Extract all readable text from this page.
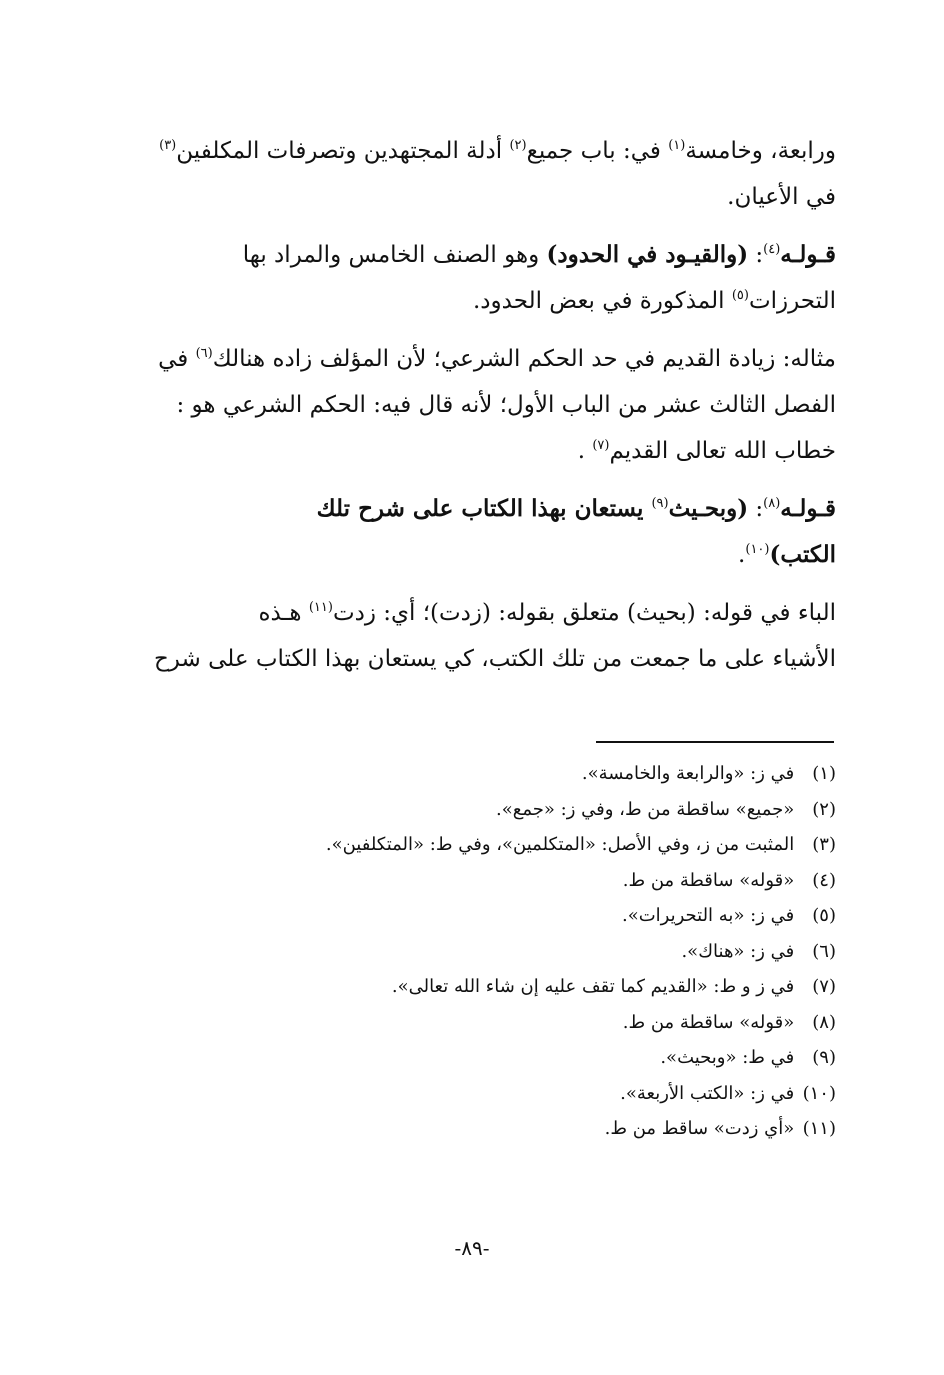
ورابعة، وخامسة$^{(١)}$ في: باب جميع$^{(٢)}$ أدلة المجتهدين وتصرفات المكلفين$^{(٣)}$
في الأعيان.

قـولـه$^{(٤)}$: (والقيـود في الحدود) وهو الصنف الخامس والمراد بها
التحرزات$^{(٥)}$ المذكورة في بعض الحدود.

مثاله: زيادة القديم في حد الحكم الشرعي؛ لأن المؤلف زاده هنالك$^{(٦)}$ في
الفصل الثالث عشر من الباب الأول؛ لأنه قال فيه: الحكم الشرعي هو :
خطاب الله تعالى القديم$^{(٧)}$ .

قـولـه$^{(٨)}$: (وبحـيث$^{(٩)}$ يستعان بهذا الكتاب على شرح تلك
الكتب)$^{(١٠)}$.

الباء في قوله: (بحيث) متعلق بقوله: (زدت)؛ أي: زدت$^{(١١)}$ هـذه
الأشياء على ما جمعت من تلك الكتب، كي يستعان بهذا الكتاب على شرح

(١) في ز: «والرابعة والخامسة».
(٢) «جميع» ساقطة من ط، وفي ز: «جمع».
(٣) المثبت من ز، وفي الأصل: «المتكلمين»، وفي ط: «المتكلفين».
(٤) «قوله» ساقطة من ط.
(٥) في ز: «به التحريرات».
(٦) في ز: «هناك».
(٧) في ز و ط: «القديم كما تقف عليه إن شاء الله تعالى».
(٨) «قوله» ساقطة من ط.
(٩) في ط: «وبحيث».
(١٠) في ز: «الكتب الأربعة».
(١١) «أي زدت» ساقط من ط.
-٨٩-
